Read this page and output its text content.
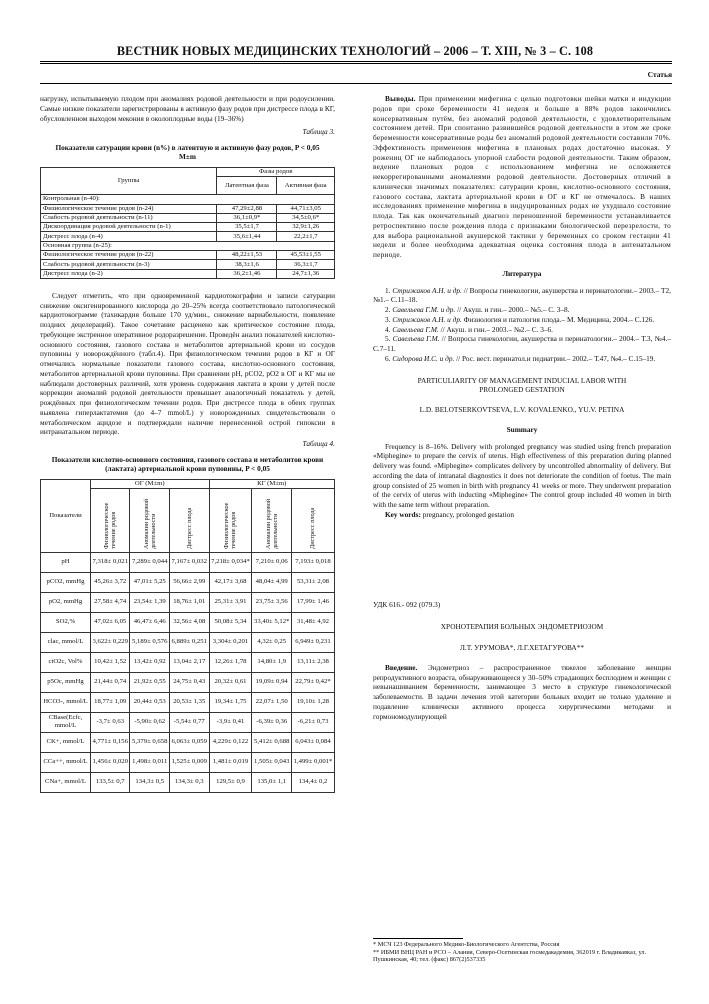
ВЕСТНИК НОВЫХ МЕДИЦИНСКИХ ТЕХНОЛОГИЙ – 2006 – Т. XIII, № 3 – С. 108
Статья
нагрузку, испытываемую плодом при аномалиях родовой деятельности и при родоусилении. Самые низкие показатели зарегистрированы в активную фазу родов при дистрессе плода в КГ, обусловленном выходом мекония в околоплодные воды (19–36%)
Таблица 3.
Показатели сатурации крови (n%) в латентную и активную фазу родов, P < 0,05 M±m
Группы	Фазы родов	
	Латентная фаза	Активная фаза
Контрольная (n-40):		
Физиологическое течение родов (n-24)	47,29±2,88	44,71±3,05
Слабость родовой деятельности (n-11)	36,1±0,9*	34,5±0,6*
Дискоординация родовой деятельности (n-1)	35,5±1,7	32,9±1,26
Дистресс плода (n-4)	35,6±1,44	22,2±1,7
Основная группа (n-25):		
Физиологическое течение родов (n-22)	48,22±1,53	45,53±1,55
Слабость родовой деятельности (n-3)	38,3±1,6	36,3±1,7
Дистресс плода (n-2)	36,2±1,46	24,7±1,36

Следует отметить, что при одновременной кардиотокографии и записи сатурации снижение оксигенированного кислорода до 20–25% всегда соответствовало патологической кардиотокограмме (тахикардия больше 170 уд/мин., снижение вариабельности, появление поздних децелераций). Такое сочетание расценено как критическое состояние плода, требующее экстренное оперативное родоразрешение. Проведён анализ показателей кислотно-основного состояния, газового состава и метаболитов артериальной крови из сосудов пуповины у новорождённого (табл.4). При физиологическом течении родов в КГ и ОГ отмечались нормальные показатели газового состава, кислотно-основного состояния, метаболитов артериальной крови пуповины. При сравнении pH, pCO2, pO2 в ОГ и КГ мы не наблюдали достоверных различий, хотя уровень содержания лактата в крови у детей после коррекции аномалий родовой деятельности превышает аналогичный показатель у детей, рождённых при физиологическом течении родов. При дистрессе плода в обеих группах выявлена гиперлактатемия (до 4–7 mmol/L) у новорожденных свидетельствовали о метаболическом ацидозе и подтверждали наличие перенесенной острой гипоксии в интранатальном периоде.

Таблица 4.
Показатели кислотно-основного состояния, газового состава и метаболитов крови (лактата) артериальной крови пуповины, P < 0,05
Показатели	ОГ (M±m)			КГ (M±m)		
	Физиологическое течение родов	Аномалии родовой деятельности	Дистресс плода	Физиологическое течение родов	Аномалии родовой деятельности	Дистресс плода
pH	7,318± 0,021	7,289± 0,044	7,167± 0,032	7,218± 0,034*	7,210± 0,06	7,193± 0,018
pCO2, mmHg	45,26± 3,72	47,01± 5,25	56,66± 2,99	42,17± 3,68	48,04± 4,99	53,31± 2,08
pO2, mmHg	27,58± 4,74	23,54± 1,39	18,76± 1,01	25,31± 3,91	23,75± 3,56	17,99± 1,46
SO2,%	47,02± 6,05	46,47± 6,46	32,56± 4,08	50,08± 5,34	33,40± 5,12*	31,48± 4,92
clac, mmol/L	3,622± 0,229	5,189± 0,576	6,889± 0,251	3,304± 0,201	4,32± 0,25	6,949± 0,231
ctO2c, Vol%	10,42± 1,52	13,42± 0,92	13,04± 2,17	12,26± 1,78	14,80± 1,9	13,11± 2,38
p5Oc, mmHg	21,44± 0,74	21,92± 0,55	24,75± 0,43	20,32± 0,61	19,09± 0,94	22,79± 0,42*
HCO3-, mmol/L	18,77± 1,09	20,44± 0,53	20,53± 1,35	19,34± 1,75	22,07± 1,50	19,10± 1,28
CBase(Ecfc, mmol/L	-3,7± 0,63	-5,90± 0,62	-5,54± 0,77	-3,9± 0,41	-6,39± 0,36	-6,21± 0,73
CK+, mmol/L	4,771± 0,156	5,379± 0,658	6,063± 0,059	4,229± 0,122	5,412± 0,688	6,043± 0,084
CCa++, mmol/L	1,456± 0,020	1,498± 0,011	1,525± 0,009	1,481± 0,019	1,505± 0,043	1,499± 0,001*
CNa+, mmol/L	133,5± 0,7	134,3± 0,5	134,3± 0,3	129,5± 0,9	135,0± 1,1	134,4± 0,2

Выводы. При применении мифегина с целью подготовки шейки матки и индукции родов при сроке беременности 41 неделя и больше в 88% родов закончились консервативным путём, без аномалий родовой деятельности, с удовлетворительным состоянием детей. При спонтанно развившейся родовой деятельности в этом же сроке беременности консервативные роды без аномалий родовой деятельности составили 70%. Эффективность применения мифегина в плановых родах достаточно высокая. У рожениц ОГ не наблюдалось упорной слабости родовой деятельности. Таким образом, ведение плановых родов с использованием мифегина не осложняется некоррегированными аномалиями родовой деятельности. Достоверных отличий в клинически значимых показателях: сатурации крови, кислотно-основного состояния, газового состава, лактата артериальной крови в ОГ и КГ не отмечалось. В наших исследованиях применение мифегина в индуцированных родах не ухудшало состояние плода. Так как окончательный диагноз переношенной беременности устанавливается ретроспективно после рождения плода с признаками биологической перезрелости, то для выбора рациональной акушерской тактики у беременных со сроком гестации 41 недели и более необходима адекватная оценка состояния плода в антенатальном периоде.

Литература

1. Стрижаков А.Н. и др. // Вопросы гинекологии, акушерства и перинатологии.– 2003.– Т2, №1.– С.11–18.

2. Савельева Г.М. и др. // Акуш. и гин.– 2000.– №5.– С. 3–8.

3. Стрижаков А.Н. и др. Физиология и патология плода.– М. Медицина, 2004.– С.126.

4. Савельева Г.М. // Акуш. и гин.– 2003.– №2.– С. 3–6.

5. Савельева Г.М. // Вопросы гинекологии, акушерства и перинатологии.– 2004.– Т.3, №4.– С.7–11.

6. Сидорова И.С. и др. // Рос. вест. перинатол.и педиатрии.– 2002.– Т.47, №4.– С.15–19.

PARTICULIARITY OF MANAGEMENT INDUCIAL LABOR WITH PROLONGED GESTATION
L.D. BELOTSERKOVTSEVA, L.V. KOVALENKO., YU.V. PETINA
Summary

Frequency is 8–16%. Delivery with prolonged pregnancy was studied using french preparation «Miphegine» to prepare the cervix of uterus. High effectiveness of this preparation during planned delivery was found. «Miphegine» complicates delivery by uncontrolled abnormality of delivery. But according the data of intranatal diagnostics it does not deteriorate the condition of foetus. The main group consisted of 25 women in birth with pregnancy 41 weeks or more. They underwent preparation of the cervix of uterus with inducting «Miphegine» The control group included 40 women in birth with the same term without preparation.

Key words: pregnancy, prolonged gestation

УДК 616.- 092 (079.3)
ХРОНОТЕРАПИЯ БОЛЬНЫХ ЭНДОМЕТРИОЗОМ
Л.Т. УРУМОВА*, Л.Г.ХЕТАГУРОВА**

Введение. Эндометриоз – распространенное тяжелое заболевание женщин репродуктивного возраста, обнаруживающееся у 30–50% страдающих бесплодием и женщин с невынашиванием беременности, занимающее 3 место в структуре гинекологической заболеваемости. В задачи лечения этой категории больных входит не только удаление и подавление клинически активного процесса хирургическими методами и гормономодулирующей

* МСЧ 123 Федерального Медико-Биологического Агентства, Россия
** ИБМИ ВНЦ РАН и РСО – Алания, Северо-Осетинская госмедакадемия, 362019 г. Владикавказ, ул. Пушкинская, 40; тел. (факс) 867(2)537335
